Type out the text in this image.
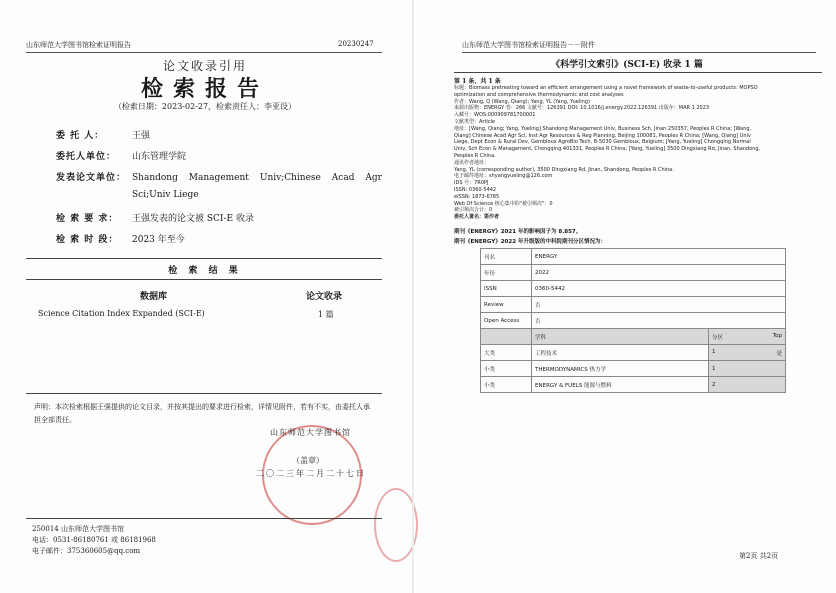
山东师范大学图书馆检索证明报告	20230247
论文收录引用
检索报告
（检索日期：2023-02-27，检索责任人：李亚设）
委 托 人：	王强
委托人单位： 山东管理学院
发表论文单位： Shandong Management Univ;Chinese Acad Agr Sci;Univ Liege
检 索 要 求： 王强发表的论文被 SCI-E 收录
检 索 时 段： 2023 年至今
检 索 结 果
数据库	论文收录
Science Citation Index Expanded (SCI-E)	1 篇
声明：本次检索根据王强提供的论文目录，并按其提出的要求进行检索，详情见附件，若有不实，由委托人承担全部责任。
山东师范大学图书馆
（盖章）
二〇二三年二月二十七日
250014 山东师范大学图书馆
电话：0531-86180761 或 86181968
电子邮件：375360605@qq.com
山东师范大学图书馆检索证明报告－－附件
《科学引文索引》(SCI-E) 收录 1 篇
第 1 条，共 1 条
标题：Biomass pretreating toward an efficient arrangement using a novel framework of waste-to-useful products: MOPSO
optimization and comprehensive thermodynamic and cost analyses
作者：Wang, Q (Wang, Qiang); Yang, YL (Yang, Yueling)
来源出版物：ENERGY 卷：266 文献号：126391 DOI: 10.1016/j.energy.2022.126391 出版年：MAR 1 2023
入藏号：WOS:000909781700001
文献类型：Article
地址：[Wang, Qiang; Yang, Yueling] Shandong Management Univ, Business Sch, Jinan 250357, Peoples R China; [Wang,
Qiang] Chinese Acad Agr Sci, Inst Agr Resources & Reg Planning, Beijing 100081, Peoples R China; [Wang, Qiang] Univ
Liege, Dept Econ & Rural Dev, Gembloux AgroBio Tech, B-5030 Gembloux, Belgium; [Yang, Yueling] Chongqing Normal
Univ, Sch Econ & Management, Chongqing 401331, Peoples R China; [Yang, Yueling] 3500 Dingxiang Rd, Jinan, Shandong,
Peoples R China.
通讯作者地址：
Yang, YL (corresponding author), 3500 Dingxiang Rd, Jinan, Shandong, Peoples R China.
电子邮件地址：shyangyueling@126.com
IDS 号：7R0PJ
ISSN: 0360-5442
eISSN: 1873-6785
Web Of Science 核心集中的"被引频次"：0
被引频次合计：0
委托人署名：第作者
期刊《ENERGY》2021 年的影响因子为 8.857。
期刊《ENERGY》2022 年升级版的中科院期刊分区情况为：
刊名	ENERGY	
年份	2022	
ISSN	0360-5442	
Review	否	
Open Access	否	
	学科	分区 Top

大类	工程技术	1 是

小类	THERMODYNAMICS 热力学	1
小类	ENERGY & FUELS 能源与燃料	2
第2页 共2页
